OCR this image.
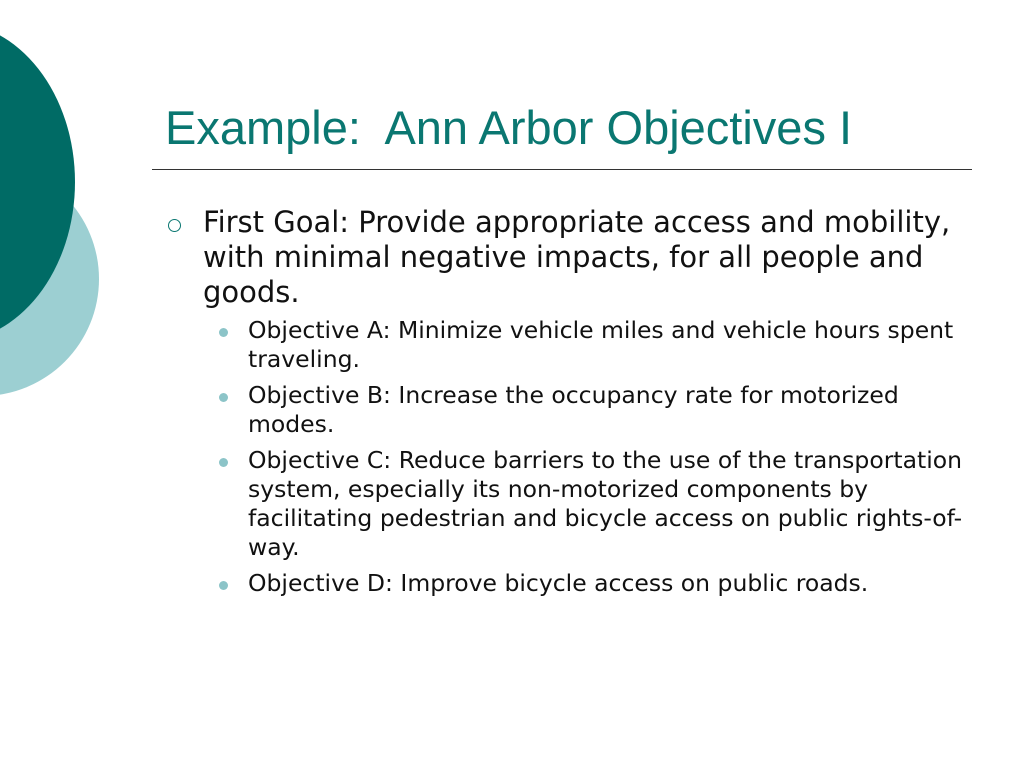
Example:  Ann Arbor Objectives I
First Goal: Provide appropriate access and mobility, with minimal negative impacts, for all people and goods.
Objective A: Minimize vehicle miles and vehicle hours spent traveling.
Objective B: Increase the occupancy rate for motorized modes.
Objective C: Reduce barriers to the use of the transportation system, especially its non-motorized components by facilitating pedestrian and bicycle access on public rights-of-way.
Objective D: Improve bicycle access on public roads.
